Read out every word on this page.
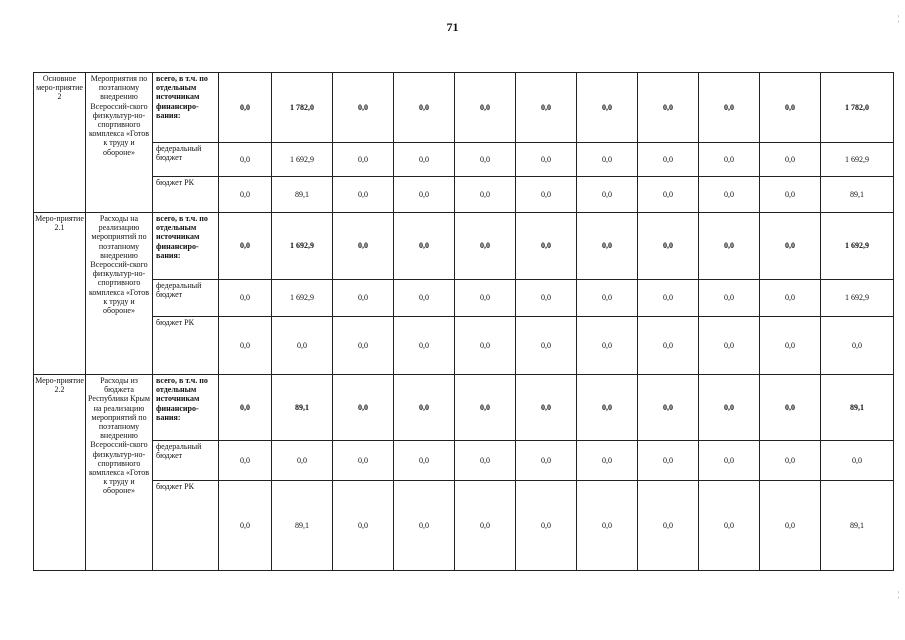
71
Основное меро-приятие 2	Мероприятия по поэтапному внедрению Всероссий-ского физкультур-но-спортивного комплекса «Готов к труду и обороне»	всего, в т.ч. по отдельным источникам финансиро-вания:	0,0	1 782,0	0,0	0,0	0,0	0,0	0,0	0,0	0,0	0,0	1 782,0
		федеральный бюджет	0,0	1 692,9	0,0	0,0	0,0	0,0	0,0	0,0	0,0	0,0	1 692,9
		бюджет РК	0,0	89,1	0,0	0,0	0,0	0,0	0,0	0,0	0,0	0,0	89,1
Меро-приятие 2.1	Расходы на реализацию мероприятий по поэтапному внедрению Всероссий-ского физкультур-но-спортивного комплекса «Готов к труду и обороне»	всего, в т.ч. по отдельным источникам финансиро-вания:	0,0	1 692,9	0,0	0,0	0,0	0,0	0,0	0,0	0,0	0,0	1 692,9
		федеральный бюджет	0,0	1 692,9	0,0	0,0	0,0	0,0	0,0	0,0	0,0	0,0	1 692,9
		бюджет РК	0,0	0,0	0,0	0,0	0,0	0,0	0,0	0,0	0,0	0,0	0,0
Меро-приятие 2.2	Расходы из бюджета Республики Крым на реализацию мероприятий по поэтапному внедрению Всероссий-ского физкультур-но-спортивного комплекса «Готов к труду и обороне»	всего, в т.ч. по отдельным источникам финансиро-вания:	0,0	89,1	0,0	0,0	0,0	0,0	0,0	0,0	0,0	0,0	89,1
		федеральный бюджет	0,0	0,0	0,0	0,0	0,0	0,0	0,0	0,0	0,0	0,0	0,0
		бюджет РК	0,0	89,1	0,0	0,0	0,0	0,0	0,0	0,0	0,0	0,0	89,1
¦
¦
